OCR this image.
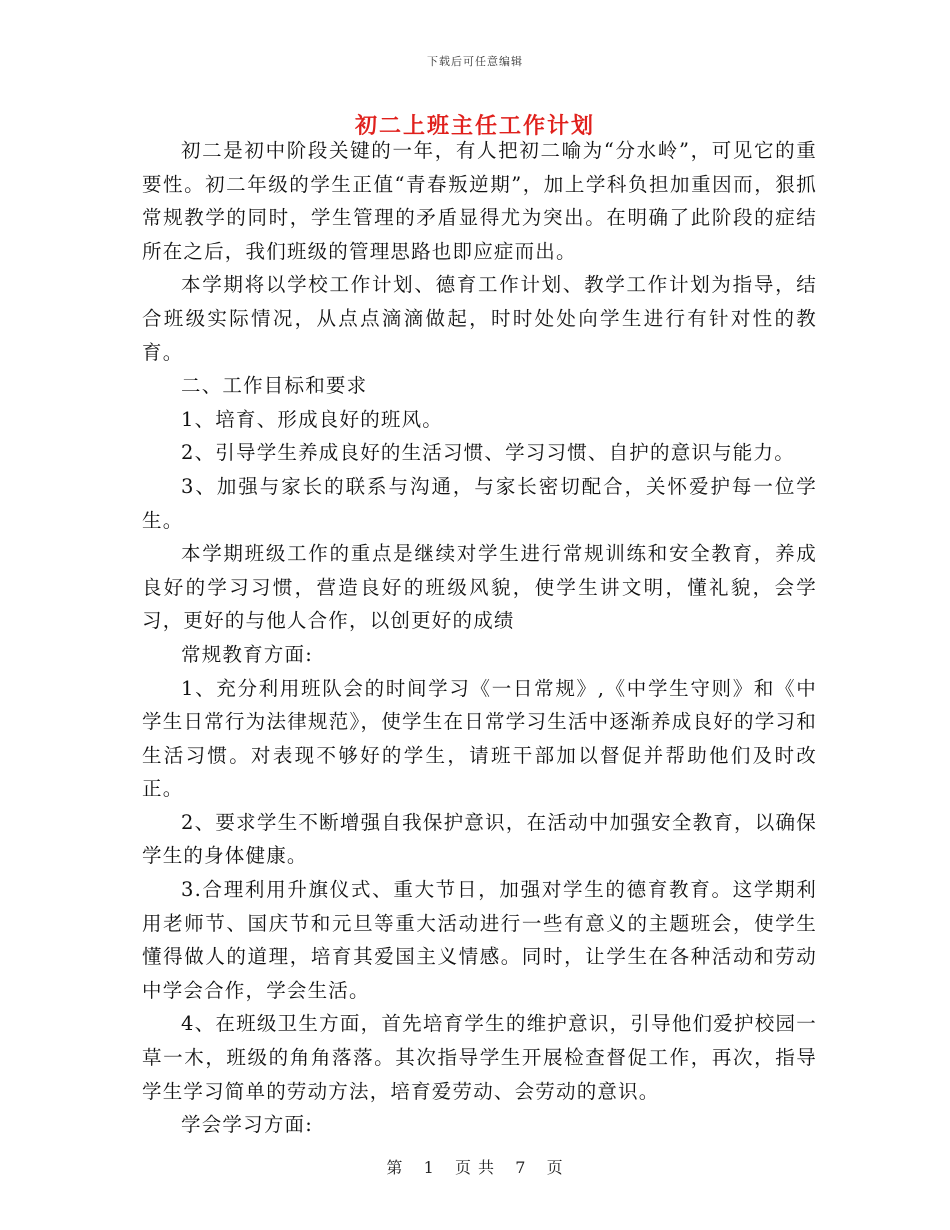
下载后可任意编辑
初二上班主任工作计划

初二是初中阶段关键的一年，有人把初二喻为“分水岭”，可见它的重要性。初二年级的学生正值“青春叛逆期”，加上学科负担加重因而，狠抓常规教学的同时，学生管理的矛盾显得尤为突出。在明确了此阶段的症结所在之后，我们班级的管理思路也即应症而出。

本学期将以学校工作计划、德育工作计划、教学工作计划为指导，结合班级实际情况，从点点滴滴做起，时时处处向学生进行有针对性的教育。

二、工作目标和要求

1、培育、形成良好的班风。

2、引导学生养成良好的生活习惯、学习习惯、自护的意识与能力。

3、加强与家长的联系与沟通，与家长密切配合，关怀爱护每一位学生。

本学期班级工作的重点是继续对学生进行常规训练和安全教育，养成良好的学习习惯，营造良好的班级风貌，使学生讲文明，懂礼貌，会学习，更好的与他人合作，以创更好的成绩

常规教育方面:

1、充分利用班队会的时间学习《一日常规》,《中学生守则》和《中学生日常行为法律规范》，使学生在日常学习生活中逐渐养成良好的学习和生活习惯。对表现不够好的学生，请班干部加以督促并帮助他们及时改正。

2、要求学生不断增强自我保护意识，在活动中加强安全教育，以确保学生的身体健康。

3.合理利用升旗仪式、重大节日，加强对学生的德育教育。这学期利用老师节、国庆节和元旦等重大活动进行一些有意义的主题班会，使学生懂得做人的道理，培育其爱国主义情感。同时，让学生在各种活动和劳动中学会合作，学会生活。

4、在班级卫生方面，首先培育学生的维护意识，引导他们爱护校园一草一木，班级的角角落落。其次指导学生开展检查督促工作，再次，指导学生学习简单的劳动方法，培育爱劳动、会劳动的意识。

学会学习方面:

第 1 页 共 7 页
